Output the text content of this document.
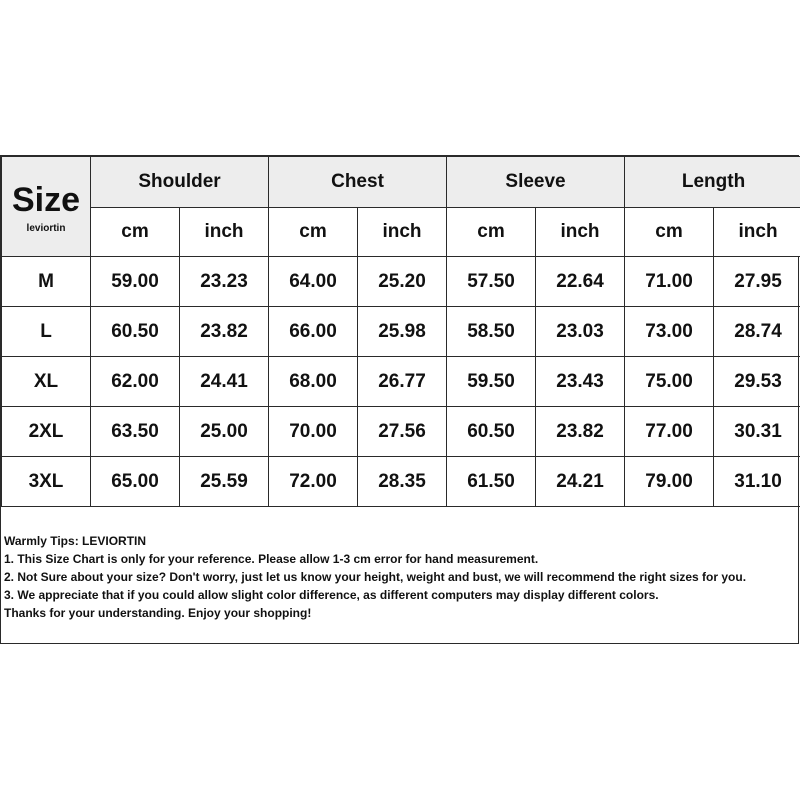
Size
leviortin	Shoulder		Chest		Sleeve		Length	
	cm	inch	cm	inch	cm	inch	cm	inch
M	59.00	23.23	64.00	25.20	57.50	22.64	71.00	27.95
L	60.50	23.82	66.00	25.98	58.50	23.03	73.00	28.74
XL	62.00	24.41	68.00	26.77	59.50	23.43	75.00	29.53
2XL	63.50	25.00	70.00	27.56	60.50	23.82	77.00	30.31
3XL	65.00	25.59	72.00	28.35	61.50	24.21	79.00	31.10
Warmly Tips: LEVIORTIN
1. This Size Chart is only for your reference. Please allow 1-3 cm error for hand measurement.
2. Not Sure about your size? Don't worry, just let us know your height, weight and bust, we will recommend the right sizes for you.
3. We appreciate that if you could allow slight color difference, as different computers may display different colors.
Thanks for your understanding. Enjoy your shopping!
